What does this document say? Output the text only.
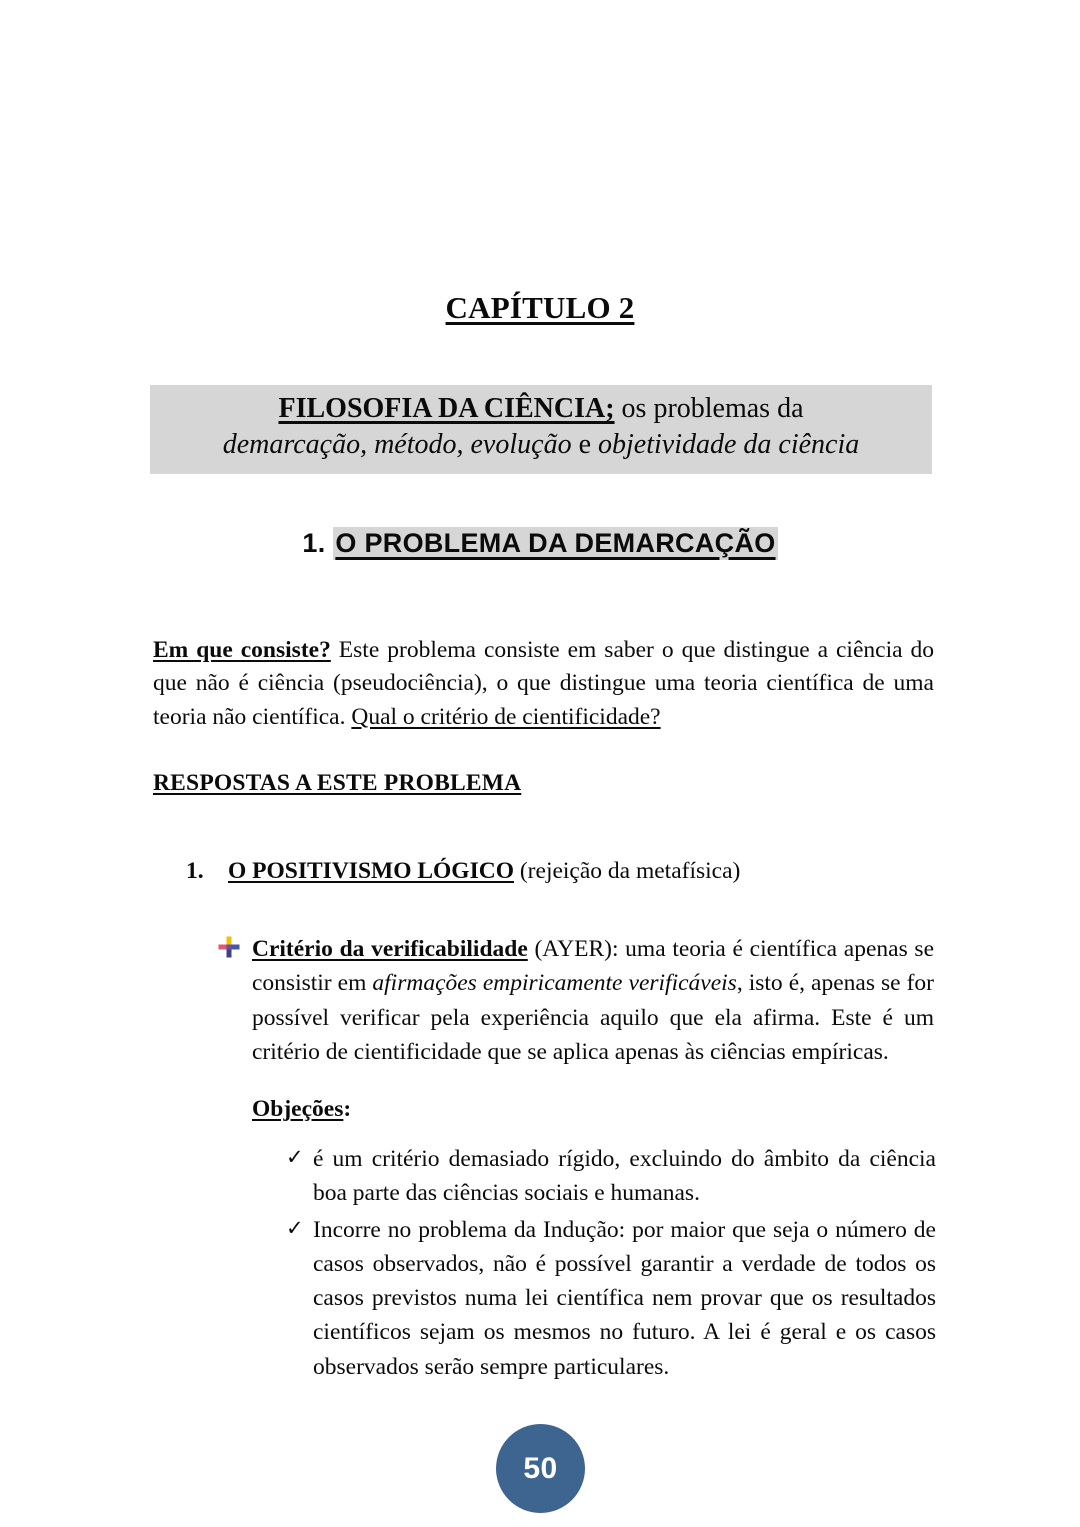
CAPÍTULO 2
FILOSOFIA DA CIÊNCIA; os problemas da
demarcação, método, evolução e objetividade da ciência
1. O PROBLEMA DA DEMARCAÇÃO
Em que consiste? Este problema consiste em saber o que distingue a ciência do que não é ciência (pseudociência), o que distingue uma teoria científica de uma teoria não científica. Qual o critério de cientificidade?
RESPOSTAS A ESTE PROBLEMA
1. O POSITIVISMO LÓGICO (rejeição da metafísica)
Critério da verificabilidade (AYER): uma teoria é científica apenas se consistir em afirmações empiricamente verificáveis, isto é, apenas se for possível verificar pela experiência aquilo que ela afirma. Este é um critério de cientificidade que se aplica apenas às ciências empíricas.
Objeções:
✓ é um critério demasiado rígido, excluindo do âmbito da ciência boa parte das ciências sociais e humanas.
✓ Incorre no problema da Indução: por maior que seja o número de casos observados, não é possível garantir a verdade de todos os casos previstos numa lei científica nem provar que os resultados científicos sejam os mesmos no futuro. A lei é geral e os casos observados serão sempre particulares.
50
